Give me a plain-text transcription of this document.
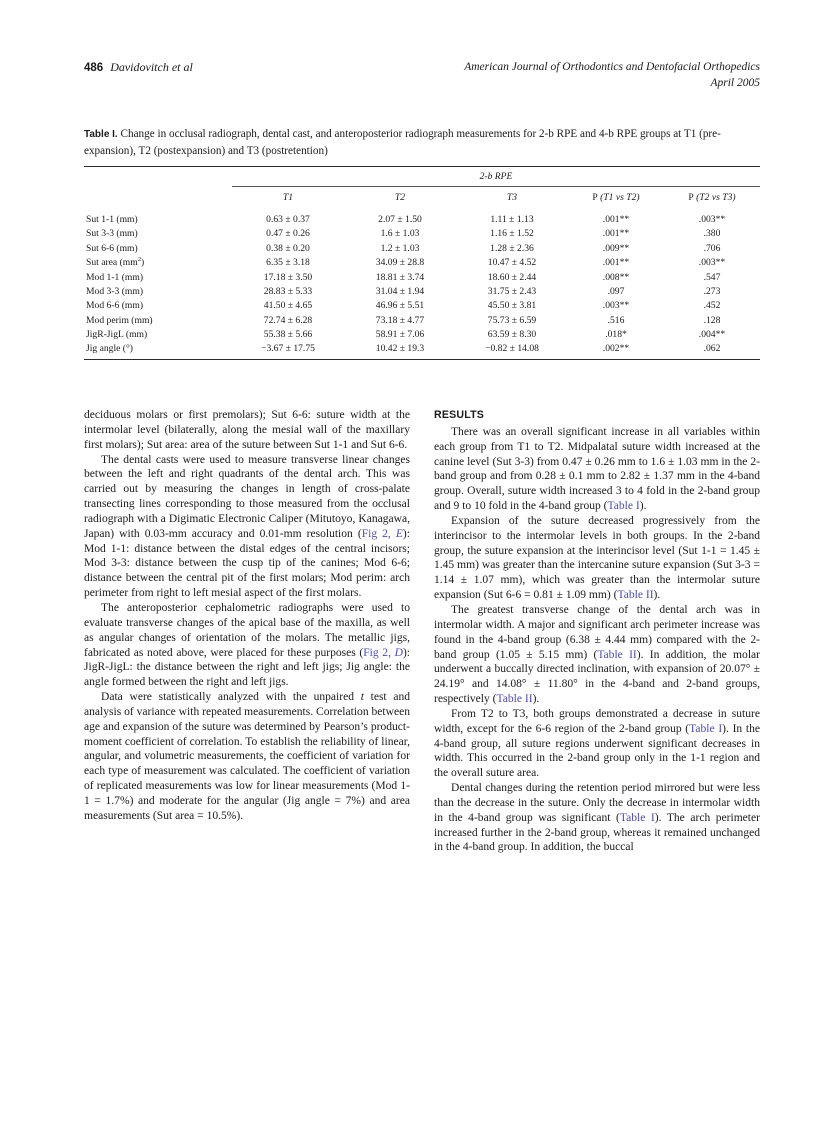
486 Davidovitch et al	American Journal of Orthodontics and Dentofacial Orthopedics
April 2005
Table I. Change in occlusal radiograph, dental cast, and anteroposterior radiograph measurements for 2-b RPE and 4-b RPE groups at T1 (pre-expansion), T2 (postexpansion) and T3 (postretention)
	2-b RPE				
	T1	T2	T3	P (T1 vs T2)	P (T2 vs T3)
Sut 1-1 (mm)	0.63 ± 0.37	2.07 ± 1.50	1.11 ± 1.13	.001**	.003**
Sut 3-3 (mm)	0.47 ± 0.26	1.6 ± 1.03	1.16 ± 1.52	.001**	.380
Sut 6-6 (mm)	0.38 ± 0.20	1.2 ± 1.03	1.28 ± 2.36	.009**	.706
Sut area $(mm^2)$	6.35 ± 3.18	34.09 ± 28.8	10.47 ± 4.52	.001**	.003**
Mod 1-1 (mm)	17.18 ± 3.50	18.81 ± 3.74	18.60 ± 2.44	.008**	.547
Mod 3-3 (mm)	28.83 ± 5.33	31.04 ± 1.94	31.75 ± 2.43	.097	.273
Mod 6-6 (mm)	41.50 ± 4.65	46.96 ± 5.51	45.50 ± 3.81	.003**	.452
Mod perim (mm)	72.74 ± 6.28	73.18 ± 4.77	75.73 ± 6.59	.516	.128
JigR-JigL (mm)	55.38 ± 5.66	58.91 ± 7.06	63.59 ± 8.30	.018*	.004**
Jig angle (°)	−3.67 ± 17.75	10.42 ± 19.3	−0.82 ± 14.08	.002**	.062

deciduous molars or first premolars); Sut 6-6: suture width at the intermolar level (bilaterally, along the mesial wall of the maxillary first molars); Sut area: area of the suture between Sut 1-1 and Sut 6-6.

The dental casts were used to measure transverse linear changes between the left and right quadrants of the dental arch. This was carried out by measuring the changes in length of cross-palate transecting lines corresponding to those measured from the occlusal radiograph with a Digimatic Electronic Caliper (Mitutoyo, Kanagawa, Japan) with 0.03-mm accuracy and 0.01-mm resolution (Fig 2, E): Mod 1-1: distance between the distal edges of the central incisors; Mod 3-3: distance between the cusp tip of the canines; Mod 6-6; distance between the central pit of the first molars; Mod perim: arch perimeter from right to left mesial aspect of the first molars.

The anteroposterior cephalometric radiographs were used to evaluate transverse changes of the apical base of the maxilla, as well as angular changes of orientation of the molars. The metallic jigs, fabricated as noted above, were placed for these purposes (Fig 2, D): JigR-JigL: the distance between the right and left jigs; Jig angle: the angle formed between the right and left jigs.

Data were statistically analyzed with the unpaired t test and analysis of variance with repeated measurements. Correlation between age and expansion of the suture was determined by Pearson’s product-moment coefficient of correlation. To establish the reliability of linear, angular, and volumetric measurements, the coefficient of variation for each type of measurement was calculated. The coefficient of variation of replicated measurements was low for linear measurements (Mod 1-1 = 1.7%) and moderate for the angular (Jig angle = 7%) and area measurements (Sut area = 10.5%).

RESULTS

There was an overall significant increase in all variables within each group from T1 to T2. Midpalatal suture width increased at the canine level (Sut 3-3) from 0.47 ± 0.26 mm to 1.6 ± 1.03 mm in the 2-band group and from 0.28 ± 0.1 mm to 2.82 ± 1.37 mm in the 4-band group. Overall, suture width increased 3 to 4 fold in the 2-band group and 9 to 10 fold in the 4-band group (Table I).

Expansion of the suture decreased progressively from the interincisor to the intermolar levels in both groups. In the 2-band group, the suture expansion at the interincisor level (Sut 1-1 = 1.45 ± 1.45 mm) was greater than the intercanine suture expansion (Sut 3-3 = 1.14 ± 1.07 mm), which was greater than the intermolar suture expansion (Sut 6-6 = 0.81 ± 1.09 mm) (Table II).

The greatest transverse change of the dental arch was in intermolar width. A major and significant arch perimeter increase was found in the 4-band group (6.38 ± 4.44 mm) compared with the 2-band group (1.05 ± 5.15 mm) (Table II). In addition, the molar underwent a buccally directed inclination, with expansion of 20.07° ± 24.19° and 14.08° ± 11.80° in the 4-band and 2-band groups, respectively (Table II).

From T2 to T3, both groups demonstrated a decrease in suture width, except for the 6-6 region of the 2-band group (Table I). In the 4-band group, all suture regions underwent significant decreases in width. This occurred in the 2-band group only in the 1-1 region and the overall suture area.

Dental changes during the retention period mirrored but were less than the decrease in the suture. Only the decrease in intermolar width in the 4-band group was significant (Table I). The arch perimeter increased further in the 2-band group, whereas it remained unchanged in the 4-band group. In addition, the buccal
